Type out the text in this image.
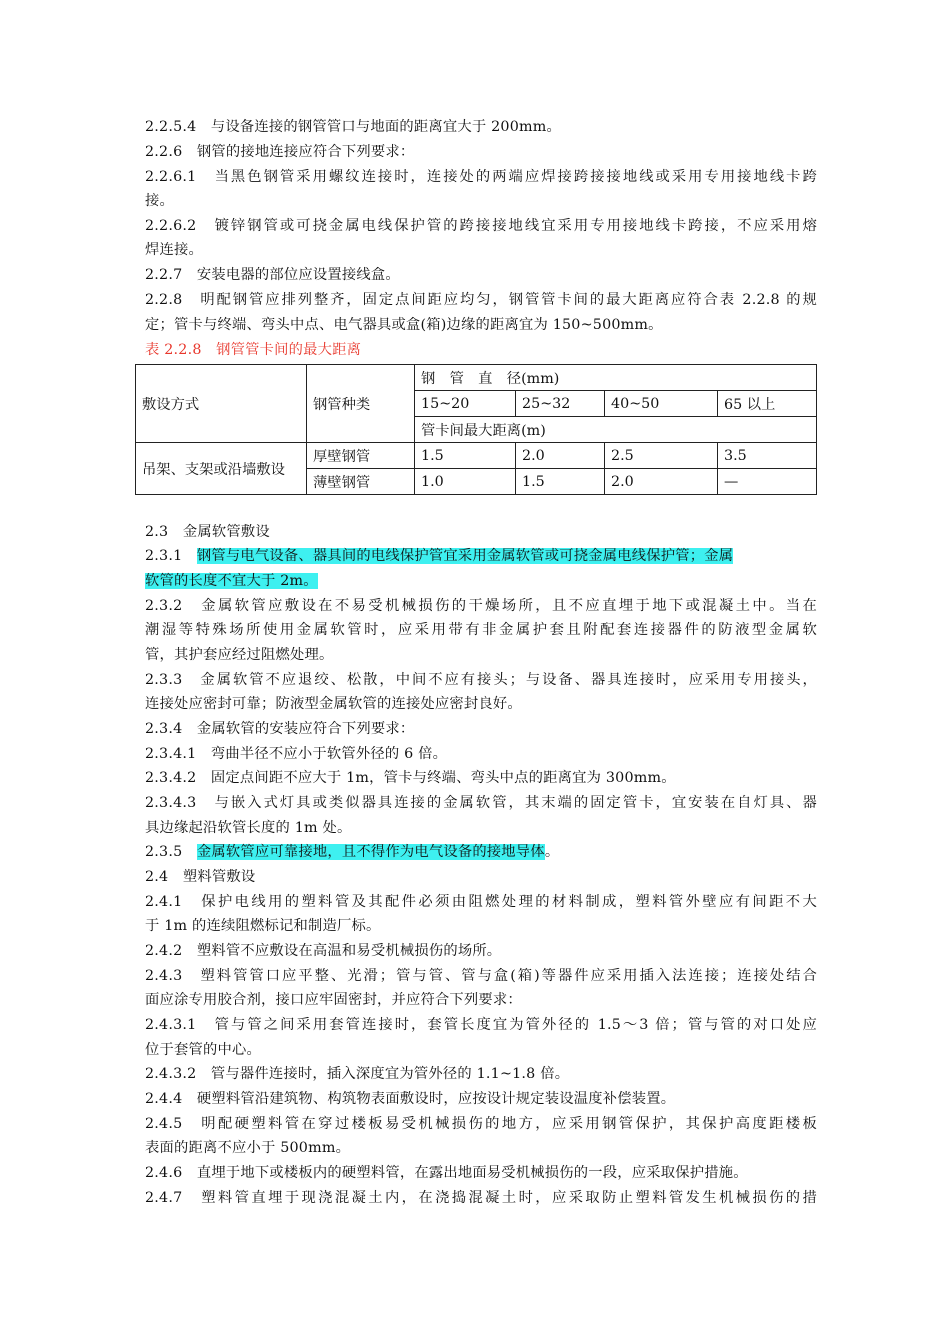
2.2.5.4　与设备连接的钢管管口与地面的距离宜大于 200mm。
2.2.6　钢管的接地连接应符合下列要求：
2.2.6.1　当黑色钢管采用螺纹连接时，连接处的两端应焊接跨接接地线或采用专用接地线卡跨
接。
2.2.6.2　镀锌钢管或可挠金属电线保护管的跨接接地线宜采用专用接地线卡跨接，不应采用熔
焊连接。
2.2.7　安装电器的部位应设置接线盒。
2.2.8　明配钢管应排列整齐，固定点间距应均匀，钢管管卡间的最大距离应符合表 2.2.8 的规
定；管卡与终端、弯头中点、电气器具或盒(箱)边缘的距离宜为 150~500mm。
表 2.2.8　钢管管卡间的最大距离
敷设方式	钢管种类	钢　管　直　径(mm)			
		15~20	25~32	40~50	65 以上
		管卡间最大距离(m)			
吊架、支架或沿墙敷设	厚壁钢管	1.5	2.0	2.5	3.5
	薄壁钢管	1.0	1.5	2.0	—
2.3　金属软管敷设
2.3.1　钢管与电气设备、器具间的电线保护管宜采用金属软管或可挠金属电线保护管；金属
软管的长度不宜大于 2m。
2.3.2　金属软管应敷设在不易受机械损伤的干燥场所，且不应直埋于地下或混凝土中。当在
潮湿等特殊场所使用金属软管时，应采用带有非金属护套且附配套连接器件的防液型金属软
管，其护套应经过阻燃处理。
2.3.3　金属软管不应退绞、松散，中间不应有接头；与设备、器具连接时，应采用专用接头，
连接处应密封可靠；防液型金属软管的连接处应密封良好。
2.3.4　金属软管的安装应符合下列要求：
2.3.4.1　弯曲半径不应小于软管外径的 6 倍。
2.3.4.2　固定点间距不应大于 1m，管卡与终端、弯头中点的距离宜为 300mm。
2.3.4.3　与嵌入式灯具或类似器具连接的金属软管，其末端的固定管卡，宜安装在自灯具、器
具边缘起沿软管长度的 1m 处。
2.3.5　金属软管应可靠接地，且不得作为电气设备的接地导体。
2.4　塑料管敷设
2.4.1　保护电线用的塑料管及其配件必须由阻燃处理的材料制成，塑料管外壁应有间距不大
于 1m 的连续阻燃标记和制造厂标。
2.4.2　塑料管不应敷设在高温和易受机械损伤的场所。
2.4.3　塑料管管口应平整、光滑；管与管、管与盒(箱)等器件应采用插入法连接；连接处结合
面应涂专用胶合剂，接口应牢固密封，并应符合下列要求：
2.4.3.1　管与管之间采用套管连接时，套管长度宜为管外径的 1.5～3 倍；管与管的对口处应
位于套管的中心。
2.4.3.2　管与器件连接时，插入深度宜为管外径的 1.1~1.8 倍。
2.4.4　硬塑料管沿建筑物、构筑物表面敷设时，应按设计规定装设温度补偿装置。
2.4.5　明配硬塑料管在穿过楼板易受机械损伤的地方，应采用钢管保护，其保护高度距楼板
表面的距离不应小于 500mm。
2.4.6　直埋于地下或楼板内的硬塑料管，在露出地面易受机械损伤的一段，应采取保护措施。
2.4.7　塑料管直埋于现浇混凝土内，在浇捣混凝土时，应采取防止塑料管发生机械损伤的措
